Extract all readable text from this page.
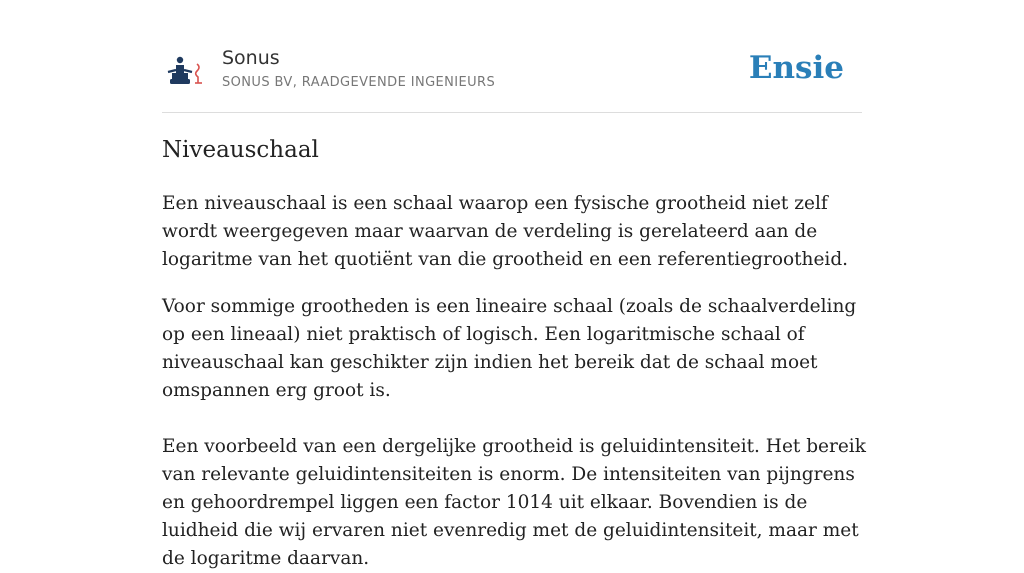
Sonus
SONUS BV, RAADGEVENDE INGENIEURS	Ensie
Niveauschaal

Een niveauschaal is een schaal waarop een fysische grootheid niet zelf wordt weergegeven maar waarvan de verdeling is gerelateerd aan de logaritme van het quotiënt van die grootheid en een referentiegrootheid.

Voor sommige grootheden is een lineaire schaal (zoals de schaalverdeling op een lineaal) niet praktisch of logisch. Een logaritmische schaal of niveauschaal kan geschikter zijn indien het bereik dat de schaal moet omspannen erg groot is.

Een voorbeeld van een dergelijke grootheid is geluidintensiteit. Het bereik van relevante geluidintensiteiten is enorm. De intensiteiten van pijngrens en gehoordrempel liggen een factor 1014 uit elkaar. Bovendien is de luidheid die wij ervaren niet evenredig met de geluidintensiteit, maar met de logaritme daarvan.
